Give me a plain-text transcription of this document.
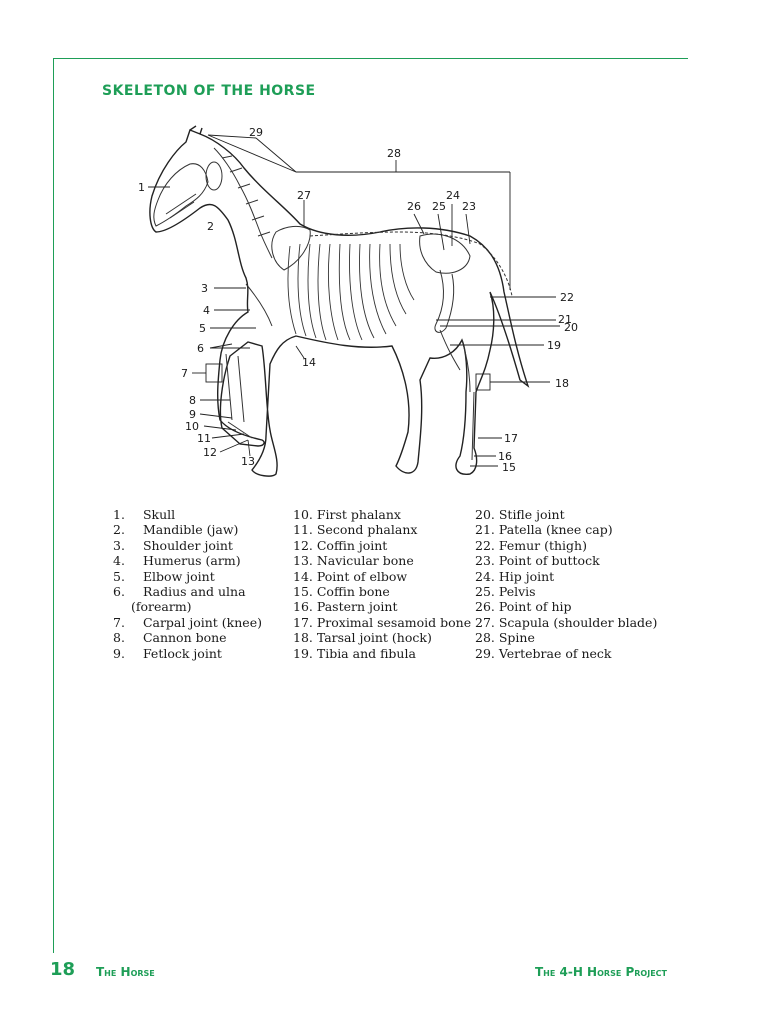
SKELETON OF THE HORSE
1
2
3
4
5
6
7
8
9
10
11
12
13
14
15
16
17
18
19
20
21
22
23
24
25
26
27
28
29
1. Skull
2. Mandible (jaw)
3. Shoulder joint
4. Humerus (arm)
5. Elbow joint
6. Radius and ulna
(forearm)
7. Carpal joint (knee)
8. Cannon bone
9. Fetlock joint
10. First phalanx
11. Second phalanx
12. Coffin joint
13. Navicular bone
14. Point of elbow
15. Coffin bone
16. Pastern joint
17. Proximal sesamoid bone
18. Tarsal joint (hock)
19. Tibia and fibula
20. Stifle joint
21. Patella (knee cap)
22. Femur (thigh)
23. Point of buttock
24. Hip joint
25. Pelvis
26. Point of hip
27. Scapula (shoulder blade)
28. Spine
29. Vertebrae of neck
18 The Horse	The 4-H Horse Project
